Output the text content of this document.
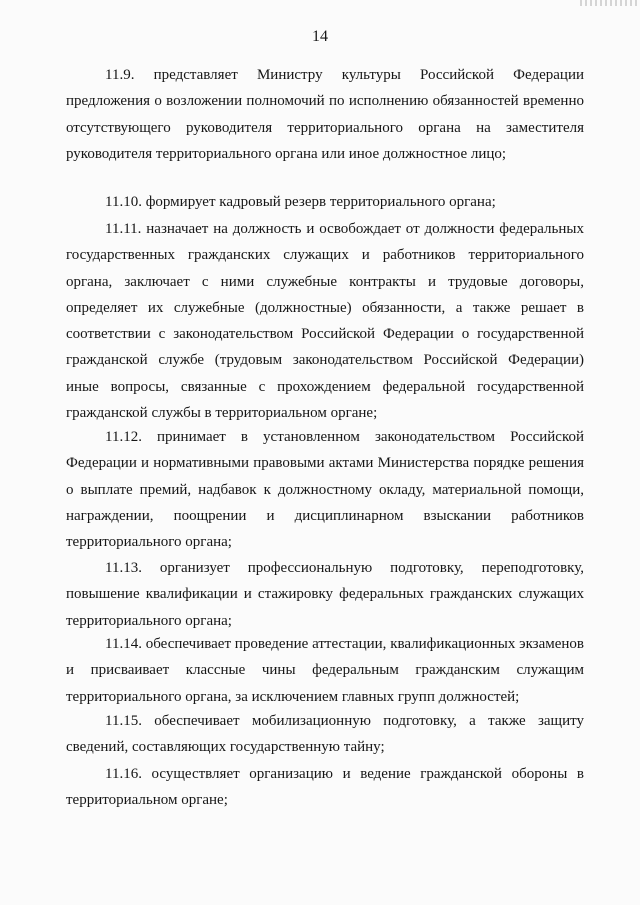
14

11.9. представляет Министру культуры Российской Федерации предложения о возложении полномочий по исполнению обязанностей временно отсутствующего руководителя территориального органа на заместителя руководителя территориального органа или иное должностное лицо;

11.10. формирует кадровый резерв территориального органа;

11.11. назначает на должность и освобождает от должности федеральных государственных гражданских служащих и работников территориального органа, заключает с ними служебные контракты и трудовые договоры, определяет их служебные (должностные) обязанности, а также решает в соответствии с законодательством Российской Федерации о государственной гражданской службе (трудовым законодательством Российской Федерации) иные вопросы, связанные с прохождением федеральной государственной гражданской службы в территориальном органе;

11.12. принимает в установленном законодательством Российской Федерации и нормативными правовыми актами Министерства порядке решения о выплате премий, надбавок к должностному окладу, материальной помощи, награждении, поощрении и дисциплинарном взыскании работников территориального органа;

11.13. организует профессиональную подготовку, переподготовку, повышение квалификации и стажировку федеральных гражданских служащих территориального органа;

11.14. обеспечивает проведение аттестации, квалификационных экзаменов и присваивает классные чины федеральным гражданским служащим территориального органа, за исключением главных групп должностей;

11.15. обеспечивает мобилизационную подготовку, а также защиту сведений, составляющих государственную тайну;

11.16. осуществляет организацию и ведение гражданской обороны в территориальном органе;
